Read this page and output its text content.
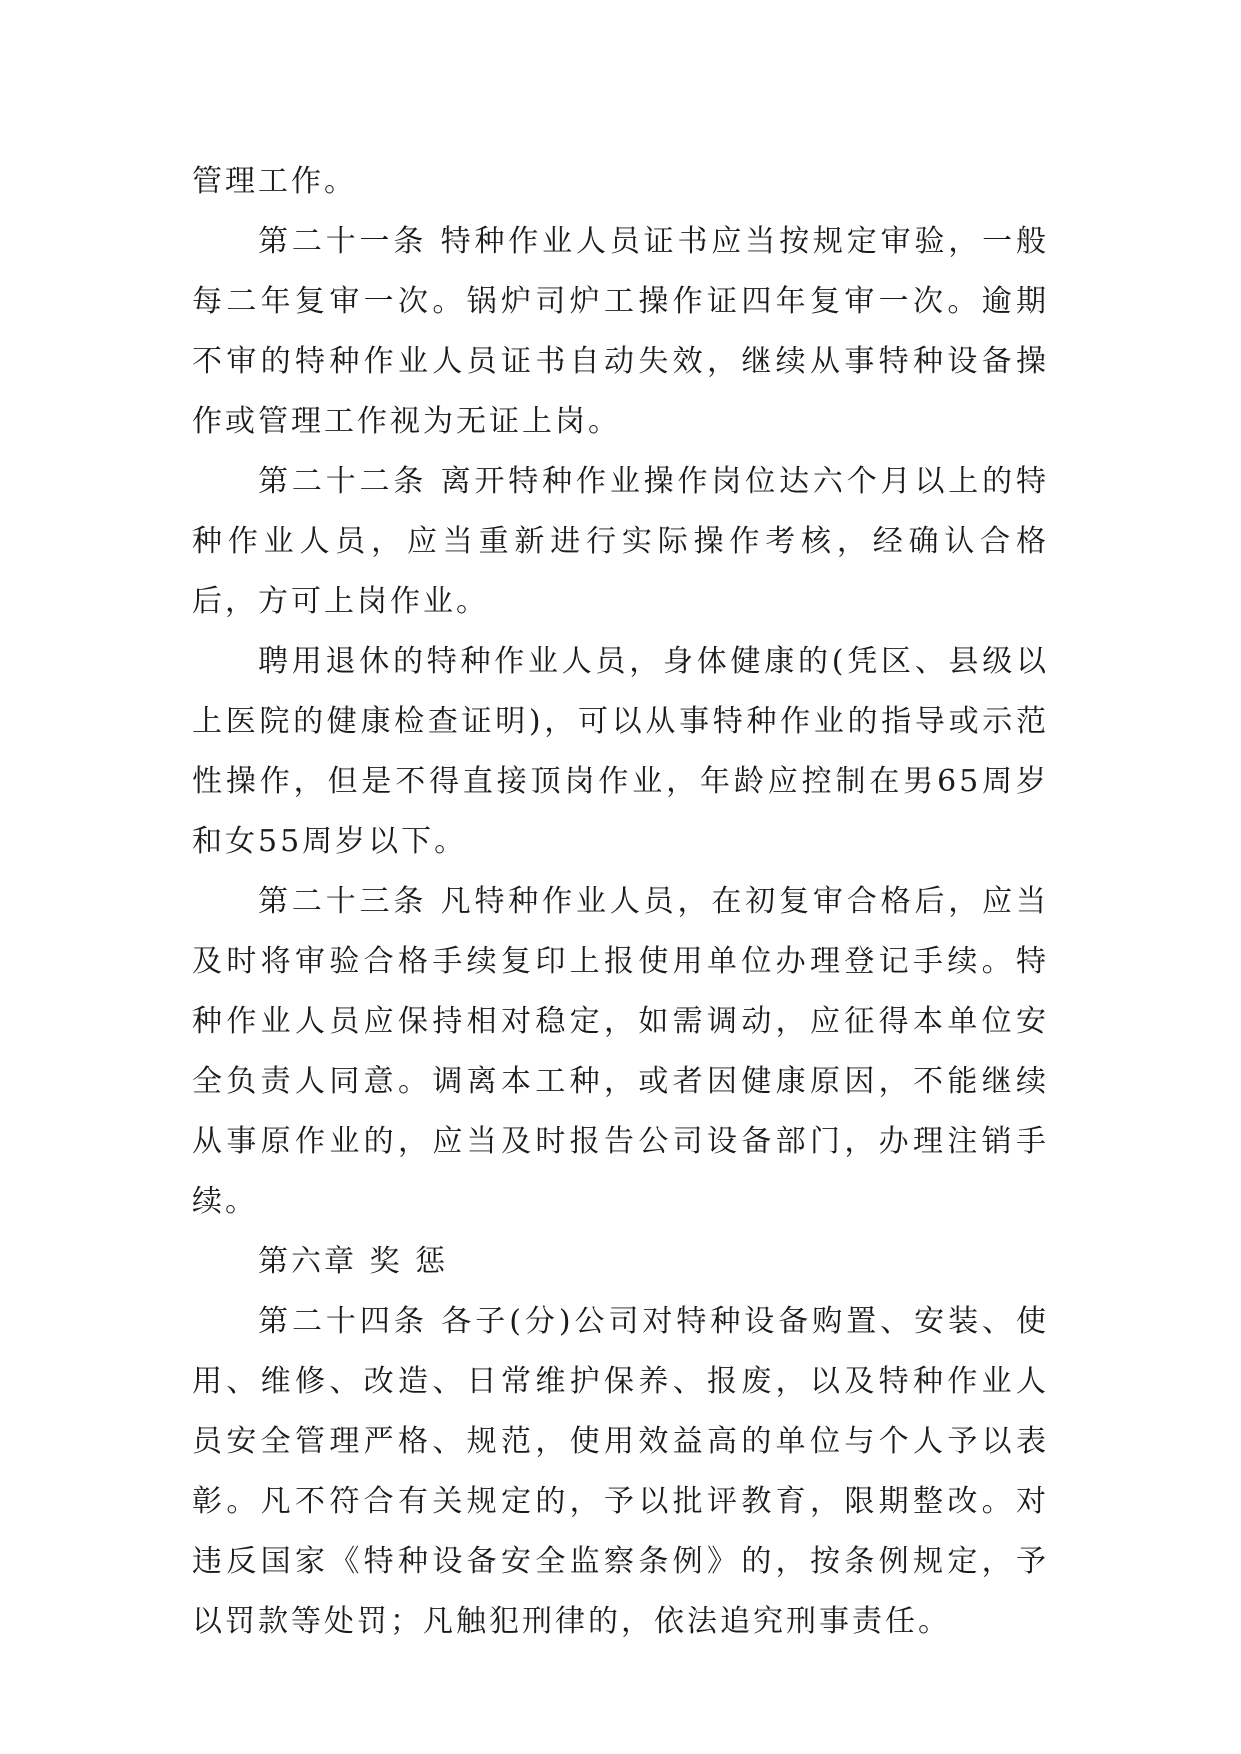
管理工作。

第二十一条 特种作业人员证书应当按规定审验，一般每二年复审一次。锅炉司炉工操作证四年复审一次。逾期不审的特种作业人员证书自动失效，继续从事特种设备操作或管理工作视为无证上岗。

第二十二条 离开特种作业操作岗位达六个月以上的特种作业人员，应当重新进行实际操作考核，经确认合格后，方可上岗作业。

聘用退休的特种作业人员，身体健康的(凭区、县级以上医院的健康检查证明)，可以从事特种作业的指导或示范性操作，但是不得直接顶岗作业，年龄应控制在男65周岁和女55周岁以下。

第二十三条 凡特种作业人员，在初复审合格后，应当及时将审验合格手续复印上报使用单位办理登记手续。特种作业人员应保持相对稳定，如需调动，应征得本单位安全负责人同意。调离本工种，或者因健康原因，不能继续从事原作业的，应当及时报告公司设备部门，办理注销手续。

第六章 奖 惩

第二十四条 各子(分)公司对特种设备购置、安装、使用、维修、改造、日常维护保养、报废，以及特种作业人员安全管理严格、规范，使用效益高的单位与个人予以表彰。凡不符合有关规定的，予以批评教育，限期整改。对违反国家《特种设备安全监察条例》的，按条例规定，予以罚款等处罚；凡触犯刑律的，依法追究刑事责任。
